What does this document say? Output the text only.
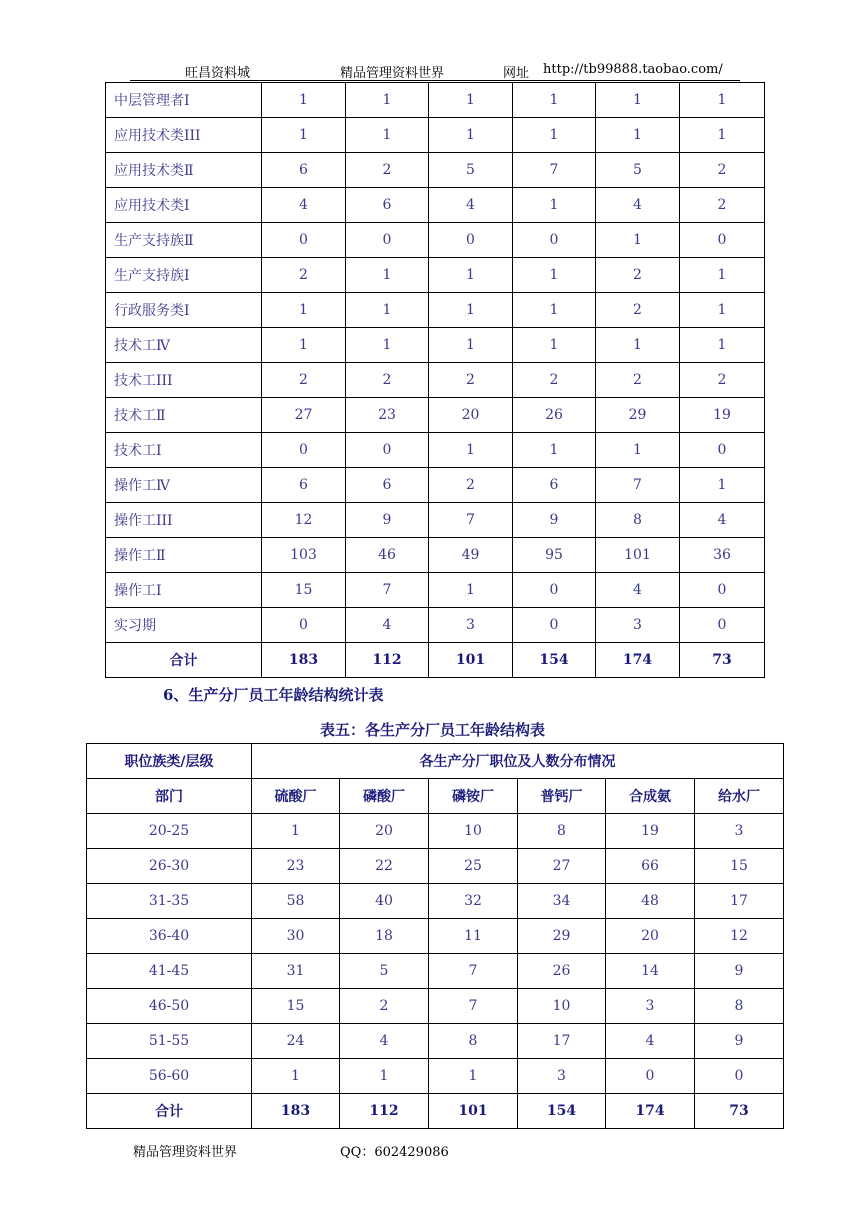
旺昌资料城	精品管理资料世界	网址 http://tb99888.taobao.com/
中层管理者Ⅰ	1	1	1	1	1	1
应用技术类III	1	1	1	1	1	1
应用技术类Ⅱ	6	2	5	7	5	2
应用技术类Ⅰ	4	6	4	1	4	2
生产支持族Ⅱ	0	0	0	0	1	0
生产支持族Ⅰ	2	1	1	1	2	1
行政服务类Ⅰ	1	1	1	1	2	1
技术工Ⅳ	1	1	1	1	1	1
技术工III	2	2	2	2	2	2
技术工Ⅱ	27	23	20	26	29	19
技术工Ⅰ	0	0	1	1	1	0
操作工Ⅳ	6	6	2	6	7	1
操作工III	12	9	7	9	8	4
操作工Ⅱ	103	46	49	95	101	36
操作工Ⅰ	15	7	1	0	4	0
实习期	0	4	3	0	3	0
合计	183	112	101	154	174	73
6、生产分厂员工年龄结构统计表
表五：各生产分厂员工年龄结构表
职位族类/层级	各生产分厂职位及人数分布情况					
部门	硫酸厂	磷酸厂	磷铵厂	普钙厂	合成氨	给水厂
20-25	1	20	10	8	19	3
26-30	23	22	25	27	66	15
31-35	58	40	32	34	48	17
36-40	30	18	11	29	20	12
41-45	31	5	7	26	14	9
46-50	15	2	7	10	3	8
51-55	24	4	8	17	4	9
56-60	1	1	1	3	0	0
合计	183	112	101	154	174	73
精品管理资料世界	QQ：602429086
